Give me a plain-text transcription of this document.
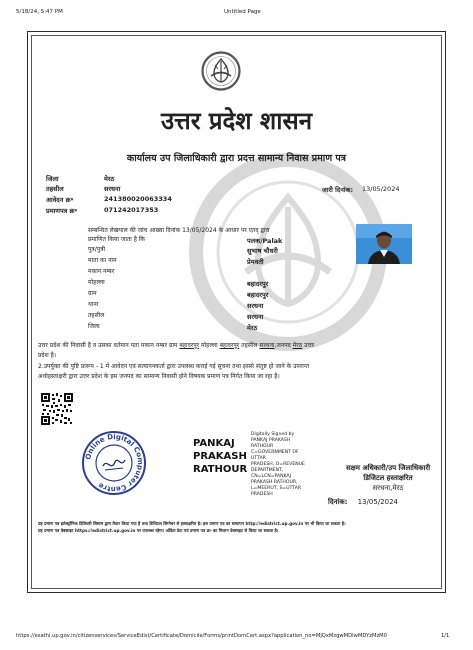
5/18/24, 5:47 PM	Untitled Page
उत्तर प्रदेश शासन
कार्यालय उप जिलाधिकारी द्वारा प्रदत्त सामान्य निवास प्रमाण पत्र
जिला	मेरठ
तहसील	सरधना
आवेदन क्र॰	241380020063334
प्रमाणपत्र क्र॰	071242017353
जारी दिनांक: 13/05/2024
सम्बन्धित लेखपाल की जांच आख्या दिनांक 13/05/2024 के आधार पर एतद् द्वारा
प्रमाणित किया जाता है कि	पलक/Palak
पुत्र/पुत्री	सुभाष चौधरी
माता का नाम	प्रेमवती
मकान नम्बर
मोहल्ला	बहादरपुर
ग्राम	बहादरपुर
थाना	सरधना
तहसील	सरधना
जिला	मेरठ
उत्तर प्रदेश की निवासी है व उसका वर्तमान पता मकान नम्बर ग्राम बहादरपुर मोहल्ला बहादरपुर तहसील सरधना,जनपद मेरठ उत्तर
प्रदेश है।
2.उपर्युक्त की पुष्टि प्रारूप - 1 में आवेदन एवं सत्यापनकर्ता द्वारा उपलब्ध कराई गई सूचना तथा इससे संतुष्ट हो जाने के उपरान्त
अधोहस्ताक्षरी द्वारा उत्तर प्रदेश के इस जनपद का सामान्य निवासी होने विषयक प्रमाण पत्र निर्गत किया जा रहा है।
Online Digital Computer Centre
PANKAJ
PRAKASH
RATHOUR
Digitally Signed by
PANKAJ PRAKASH
RATHOUR
C=GOVERNMENT OF
UTTAR
PRADESH, O=REVENUE
DEPARTMENT,
CN=LCN=PANKAJ
PRAKASH RATHOUR,
L=MEERUT, S=UTTAR
PRADESH
सक्षम अधिकारी/उप जिलाधिकारी
डिजिटल हस्ताक्षरित
सरधना,मेरठ
दिनांक: 13/05/2024
यह प्रमाण पत्र इलेक्ट्रॉनिक डिलिवरी सिस्टम द्वारा तैयार किया गया है तथा डिजिटल सिग्नेचर से हस्ताक्षरित है। इस प्रमाण पत्र का सत्यापन http://edistrict.up.gov.in पर भी किया जा सकता है।
यह प्रमाण पत्र वेबसाइट https://edistrict.up.gov.in पर उपलब्ध रहेगा। अंकित डेटा एवं प्रमाण पत्र क्र॰ का मिलान वेबसाइट से किया जा सकता है।
https://esathi.up.gov.in/citizenservices/ServiceEdist/Certificate/Domicile/Forms/printDomCert.aspx?application_no=MjQxMzgwMDIwMDYzMzM0	1/1
